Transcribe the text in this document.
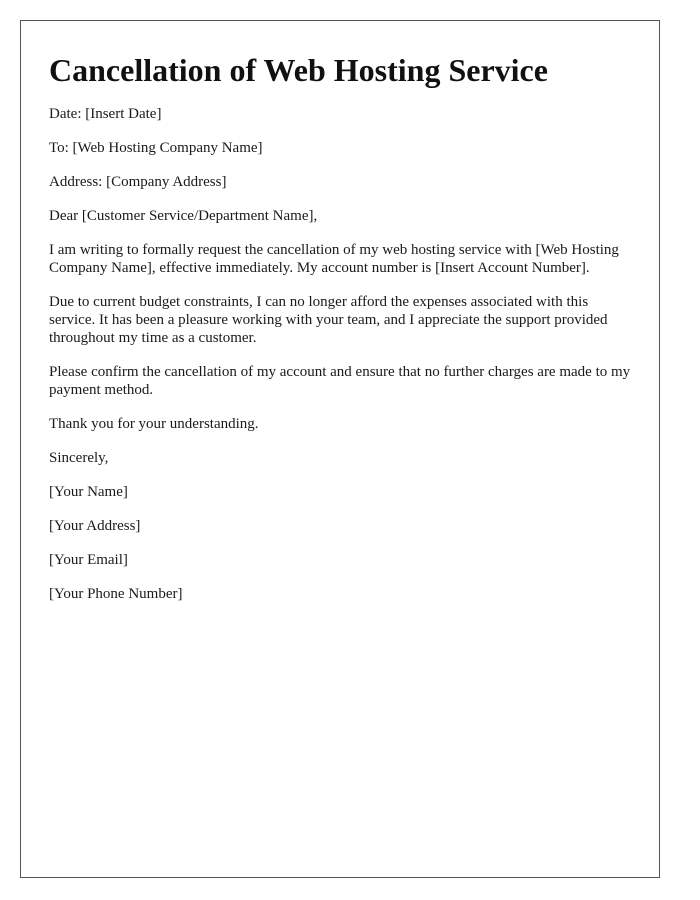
Cancellation of Web Hosting Service

Date: [Insert Date]

To: [Web Hosting Company Name]

Address: [Company Address]

Dear [Customer Service/Department Name],

I am writing to formally request the cancellation of my web hosting service with [Web Hosting Company Name], effective immediately. My account number is [Insert Account Number].

Due to current budget constraints, I can no longer afford the expenses associated with this service. It has been a pleasure working with your team, and I appreciate the support provided throughout my time as a customer.

Please confirm the cancellation of my account and ensure that no further charges are made to my payment method.

Thank you for your understanding.

Sincerely,

[Your Name]

[Your Address]

[Your Email]

[Your Phone Number]
